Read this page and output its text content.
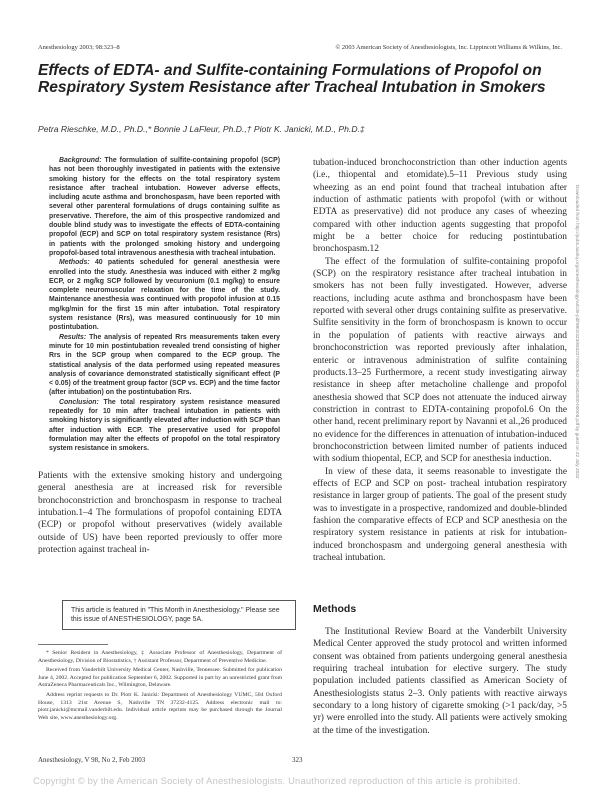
Anesthesiology 2003; 98:323–8	© 2003 American Society of Anesthesiologists, Inc. Lippincott Williams & Wilkins, Inc.
Effects of EDTA- and Sulfite-containing Formulations of Propofol on Respiratory System Resistance after Tracheal Intubation in Smokers
Petra Rieschke, M.D., Ph.D.,* Bonnie J LaFleur, Ph.D.,† Piotr K. Janicki, M.D., Ph.D.‡

Background: The formulation of sulfite-containing propofol (SCP) has not been thoroughly investigated in patients with the extensive smoking history for the effects on the total respiratory system resistance after tracheal intubation. However adverse effects, including acute asthma and bronchospasm, have been reported with several other parenteral formulations of drugs containing sulfite as preservative. Therefore, the aim of this prospective randomized and double blind study was to investigate the effects of EDTA-containing propofol (ECP) and SCP on total respiratory system resistance (Rrs) in patients with the prolonged smoking history and undergoing propofol-based total intravenous anesthesia with tracheal intubation.

Methods: 40 patients scheduled for general anesthesia were enrolled into the study. Anesthesia was induced with either 2 mg/kg ECP, or 2 mg/kg SCP followed by vecuronium (0.1 mg/kg) to ensure complete neuromuscular relaxation for the time of the study. Maintenance anesthesia was continued with propofol infusion at 0.15 mg/kg/min for the first 15 min after intubation. Total respiratory system resistance (Rrs), was measured continuously for 10 min postintubation.

Results: The analysis of repeated Rrs measurements taken every minute for 10 min postintubation revealed trend consisting of higher Rrs in the SCP group when compared to the ECP group. The statistical analysis of the data performed using repeated measures analysis of covariance demonstrated statistically significant effect (P < 0.05) of the treatment group factor (SCP vs. ECP) and the time factor (after intubation) on the postintubation Rrs.

Conclusion: The total respiratory system resistance measured repeatedly for 10 min after tracheal intubation in patients with smoking history is significantly elevated after induction with SCP than after induction with ECP. The preservative used for propofol formulation may alter the effects of propofol on the total respiratory system resistance in smokers.

Patients with the extensive smoking history and undergoing general anesthesia are at increased risk for reversible bronchoconstriction and bronchospasm in response to tracheal intubation.1–4 The formulations of propofol containing EDTA (ECP) or propofol without preservatives (widely available outside of US) have been reported previously to offer more protection against tracheal in-

This article is featured in "This Month in Anesthesiology." Please see this issue of ANESTHESIOLOGY, page 5A.

* Senior Resident in Anesthesiology, ‡ Associate Professor of Anesthesiology, Department of Anesthesiology, Division of Biostatistics, † Assistant Professor, Department of Preventive Medicine.

Received from Vanderbilt University Medical Center, Nashville, Tennessee. Submitted for publication June 4, 2002. Accepted for publication September 6, 2002. Supported in part by an unrestricted grant from AstraZeneca Pharmaceuticals Inc., Wilmington, Delaware.

Address reprint requests to Dr. Piotr K. Janicki: Department of Anesthesiology VUMC, 504 Oxford House, 1313 21st Avenue S, Nashville TN 37232-4125. Address electronic mail to: piotr.janicki@mcmail.vanderbilt.edu. Individual article reprints may be purchased through the Journal Web site, www.anesthesiology.org.

tubation-induced bronchoconstriction than other induction agents (i.e., thiopental and etomidate).5–11 Previous study using wheezing as an end point found that tracheal intubation after induction of asthmatic patients with propofol (with or without EDTA as preservative) did not produce any cases of wheezing compared with other induction agents suggesting that propofol might be a better choice for reducing postintubation bronchospasm.12

The effect of the formulation of sulfite-containing propofol (SCP) on the respiratory resistance after tracheal intubation in smokers has not been fully investigated. However, adverse reactions, including acute asthma and bronchospasm have been reported with several other drugs containing sulfite as preservative. Sulfite sensitivity in the form of bronchospasm is known to occur in the population of patients with reactive airways and bronchoconstriction was reported previously after inhalation, enteric or intravenous administration of sulfite containing products.13–25 Furthermore, a recent study investigating airway resistance in sheep after metacholine challenge and propofol anesthesia showed that SCP does not attenuate the induced airway constriction in contrast to EDTA-containing propofol.6 On the other hand, recent preliminary report by Navanni et al.,26 produced no evidence for the differences in attenuation of intubation-induced bronchoconstriction between limited number of patients induced with sodium thiopental, ECP, and SCP for anesthesia induction.

In view of these data, it seems reasonable to investigate the effects of ECP and SCP on post- tracheal intubation respiratory resistance in larger group of patients. The goal of the present study was to investigate in a prospective, randomized and double-blinded fashion the comparative effects of ECP and SCP anesthesia on the respiratory system resistance in patients at risk for intubation-induced bronchospasm and undergoing general anesthesia with tracheal intubation.

Methods

The Institutional Review Board at the Vanderbilt University Medical Center approved the study protocol and written informed consent was obtained from patients undergoing general anesthesia requiring tracheal intubation for elective surgery. The study population included patients classified as American Society of Anesthesiologists status 2–3. Only patients with reactive airways secondary to a long history of cigarette smoking (>1 pack/day, >5 yr) were enrolled into the study. All patients were actively smoking at the time of the investigation.

Anesthesiology, V 98, No 2, Feb 2003	323
Copyright © by the American Society of Anesthesiologists. Unauthorized reproduction of this article is prohibited.
Downloaded from http://pubs.asahq.org/anesthesiology/article-pdf/98/2/323/653227/0000542-200302000-00009.pdf by guest on 22 July 2022
